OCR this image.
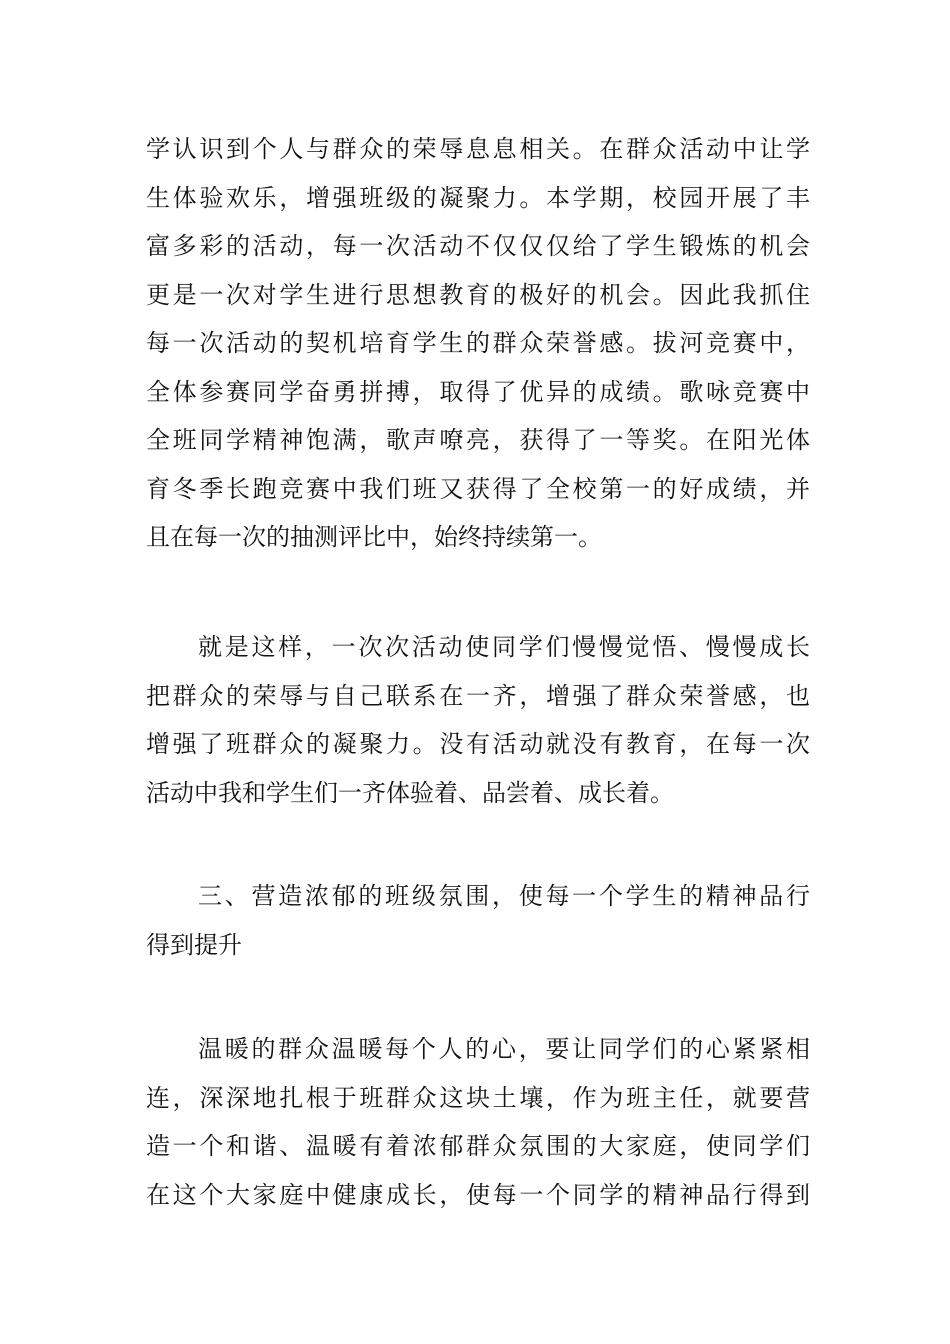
学认识到个人与群众的荣辱息息相关。在群众活动中让学
生体验欢乐，增强班级的凝聚力。本学期，校园开展了丰
富多彩的活动，每一次活动不仅仅仅给了学生锻炼的机会
更是一次对学生进行思想教育的极好的机会。因此我抓住
每一次活动的契机培育学生的群众荣誉感。拔河竞赛中，
全体参赛同学奋勇拼搏，取得了优异的成绩。歌咏竞赛中
全班同学精神饱满，歌声嘹亮，获得了一等奖。在阳光体
育冬季长跑竞赛中我们班又获得了全校第一的好成绩，并
且在每一次的抽测评比中，始终持续第一。
就是这样，一次次活动使同学们慢慢觉悟、慢慢成长
把群众的荣辱与自己联系在一齐，增强了群众荣誉感，也
增强了班群众的凝聚力。没有活动就没有教育，在每一次
活动中我和学生们一齐体验着、品尝着、成长着。
三、营造浓郁的班级氛围，使每一个学生的精神品行
得到提升
温暖的群众温暖每个人的心，要让同学们的心紧紧相
连，深深地扎根于班群众这块土壤，作为班主任，就要营
造一个和谐、温暖有着浓郁群众氛围的大家庭，使同学们
在这个大家庭中健康成长，使每一个同学的精神品行得到
